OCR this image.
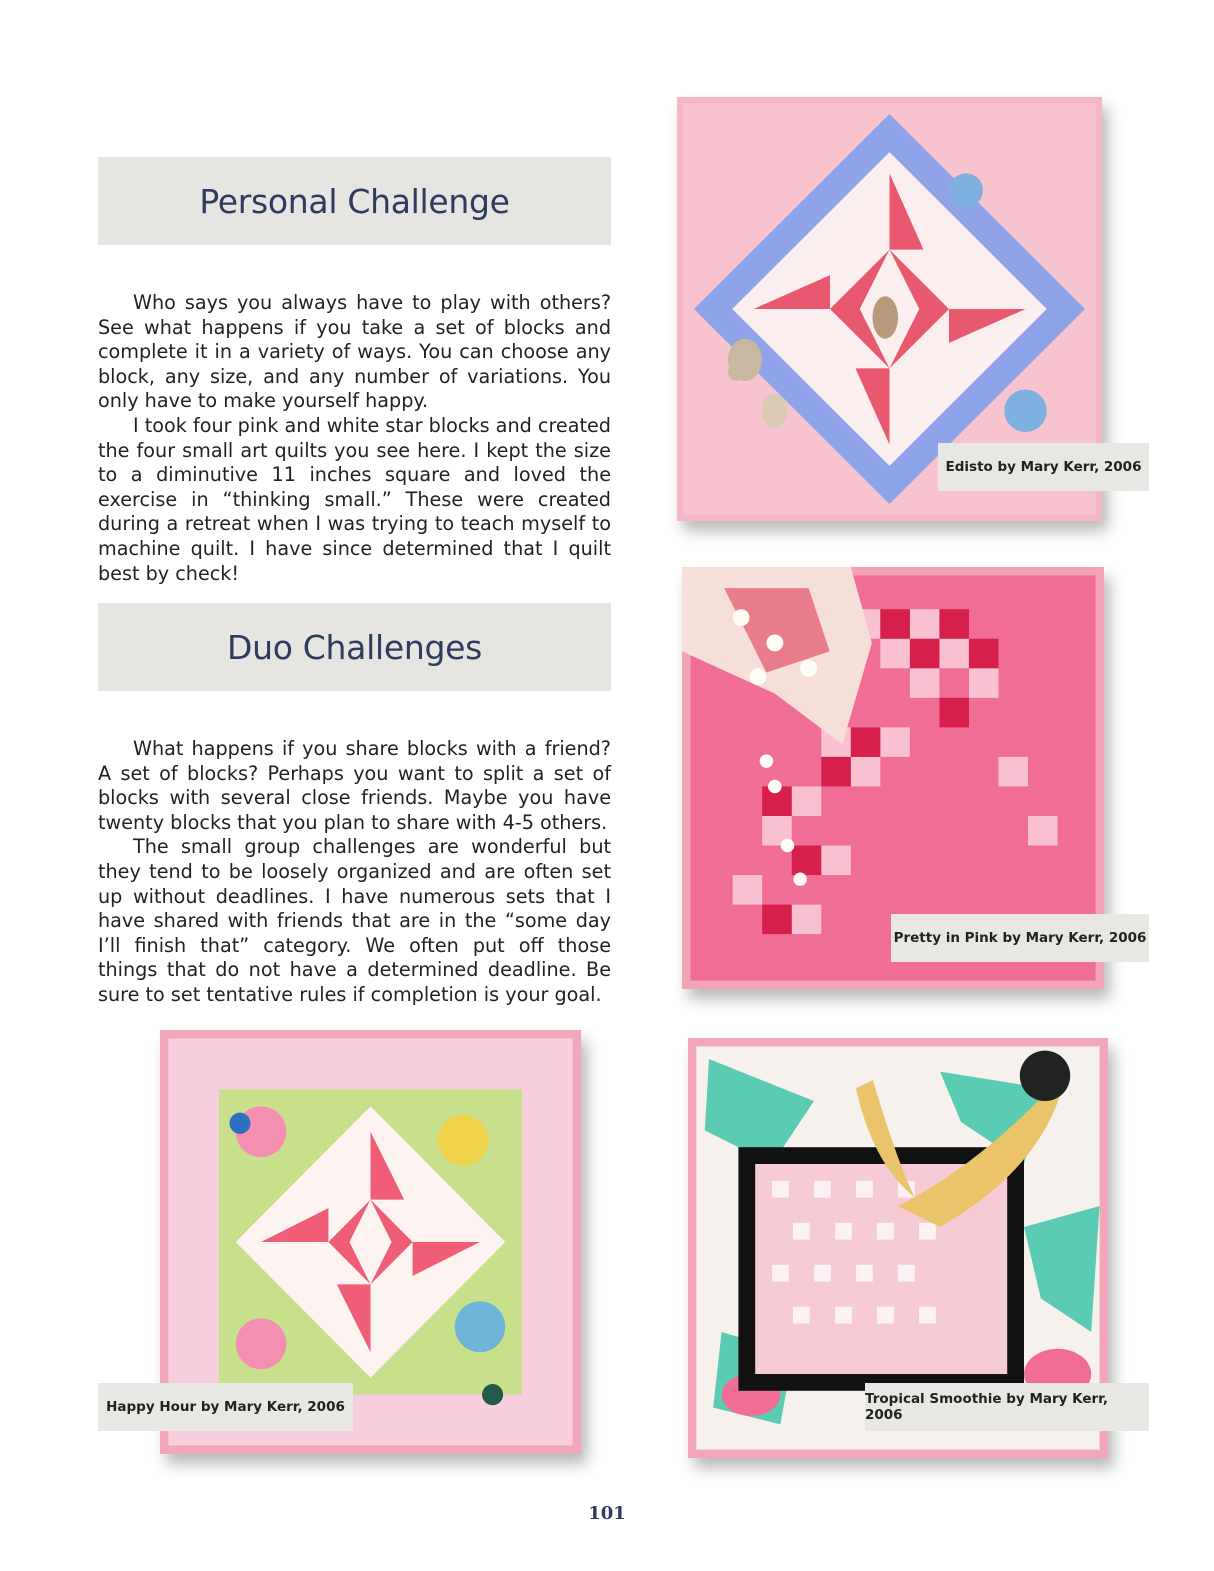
Personal Challenge

Who says you always have to play with others? See what happens if you take a set of blocks and complete it in a variety of ways. You can choose any block, any size, and any number of variations. You only have to make yourself happy.

I took four pink and white star blocks and created the four small art quilts you see here. I kept the size to a diminutive 11 inches square and loved the exercise in “thinking small.” These were created during a retreat when I was trying to teach myself to machine quilt. I have since determined that I quilt best by check!

Duo Challenges

What happens if you share blocks with a friend? A set of blocks? Perhaps you want to split a set of blocks with several close friends. Maybe you have twenty blocks that you plan to share with 4-5 others.

The small group challenges are wonderful but they tend to be loosely organized and are often set up without deadlines. I have numerous sets that I have shared with friends that are in the “some day I’ll finish that” category. We often put off those things that do not have a determined deadline. Be sure to set tentative rules if completion is your goal.

Edisto by Mary Kerr, 2006
Pretty in Pink by Mary Kerr, 2006
Happy Hour by Mary Kerr, 2006	Tropical Smoothie by Mary Kerr, 2006
101
